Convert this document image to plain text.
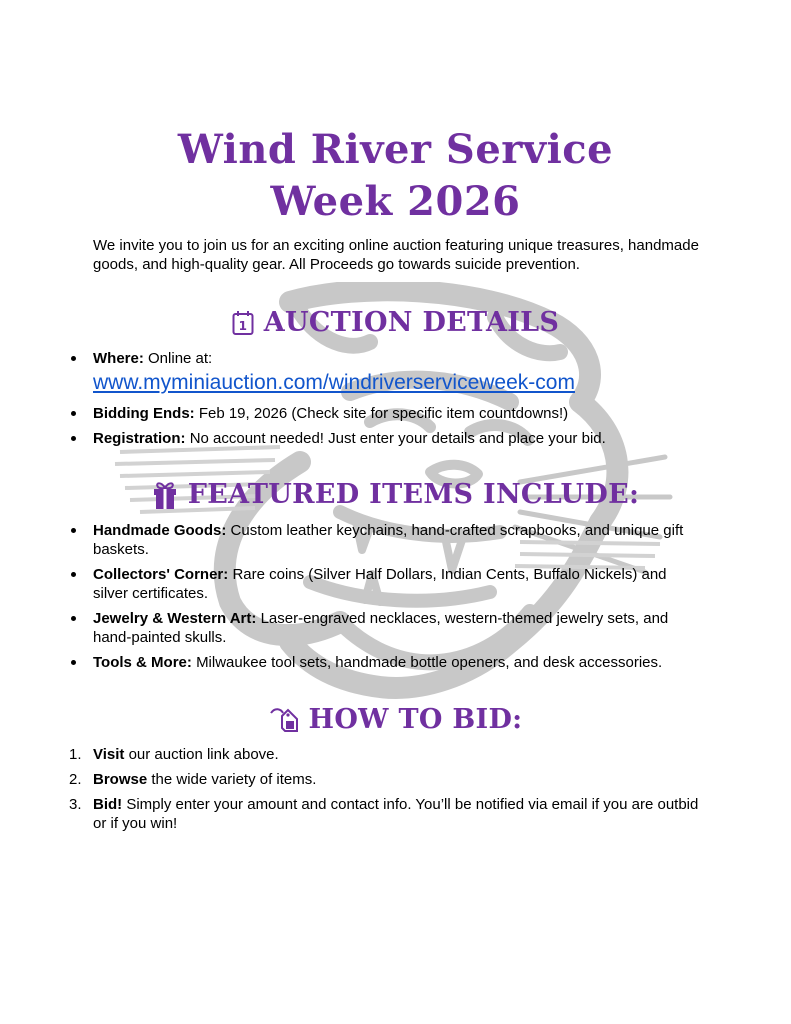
Wind River Service
Week 2026

We invite you to join us for an exciting online auction featuring unique treasures, handmade goods, and high-quality gear. All Proceeds go towards suicide prevention.

1 AUCTION DETAILS
Where: Online at:
www.myminiauction.com/windriverserviceweek-com
Bidding Ends: Feb 19, 2026 (Check site for specific item countdowns!)
Registration: No account needed! Just enter your details and place your bid.
FEATURED ITEMS INCLUDE:
Handmade Goods: Custom leather keychains, hand-crafted scrapbooks, and unique gift baskets.
Collectors' Corner: Rare coins (Silver Half Dollars, Indian Cents, Buffalo Nickels) and silver certificates.
Jewelry & Western Art: Laser-engraved necklaces, western-themed jewelry sets, and hand-painted skulls.
Tools & More: Milwaukee tool sets, handmade bottle openers, and desk accessories.
HOW TO BID:
1. Visit our auction link above.
2. Browse the wide variety of items.
3. Bid! Simply enter your amount and contact info. You’ll be notified via email if you are outbid or if you win!
